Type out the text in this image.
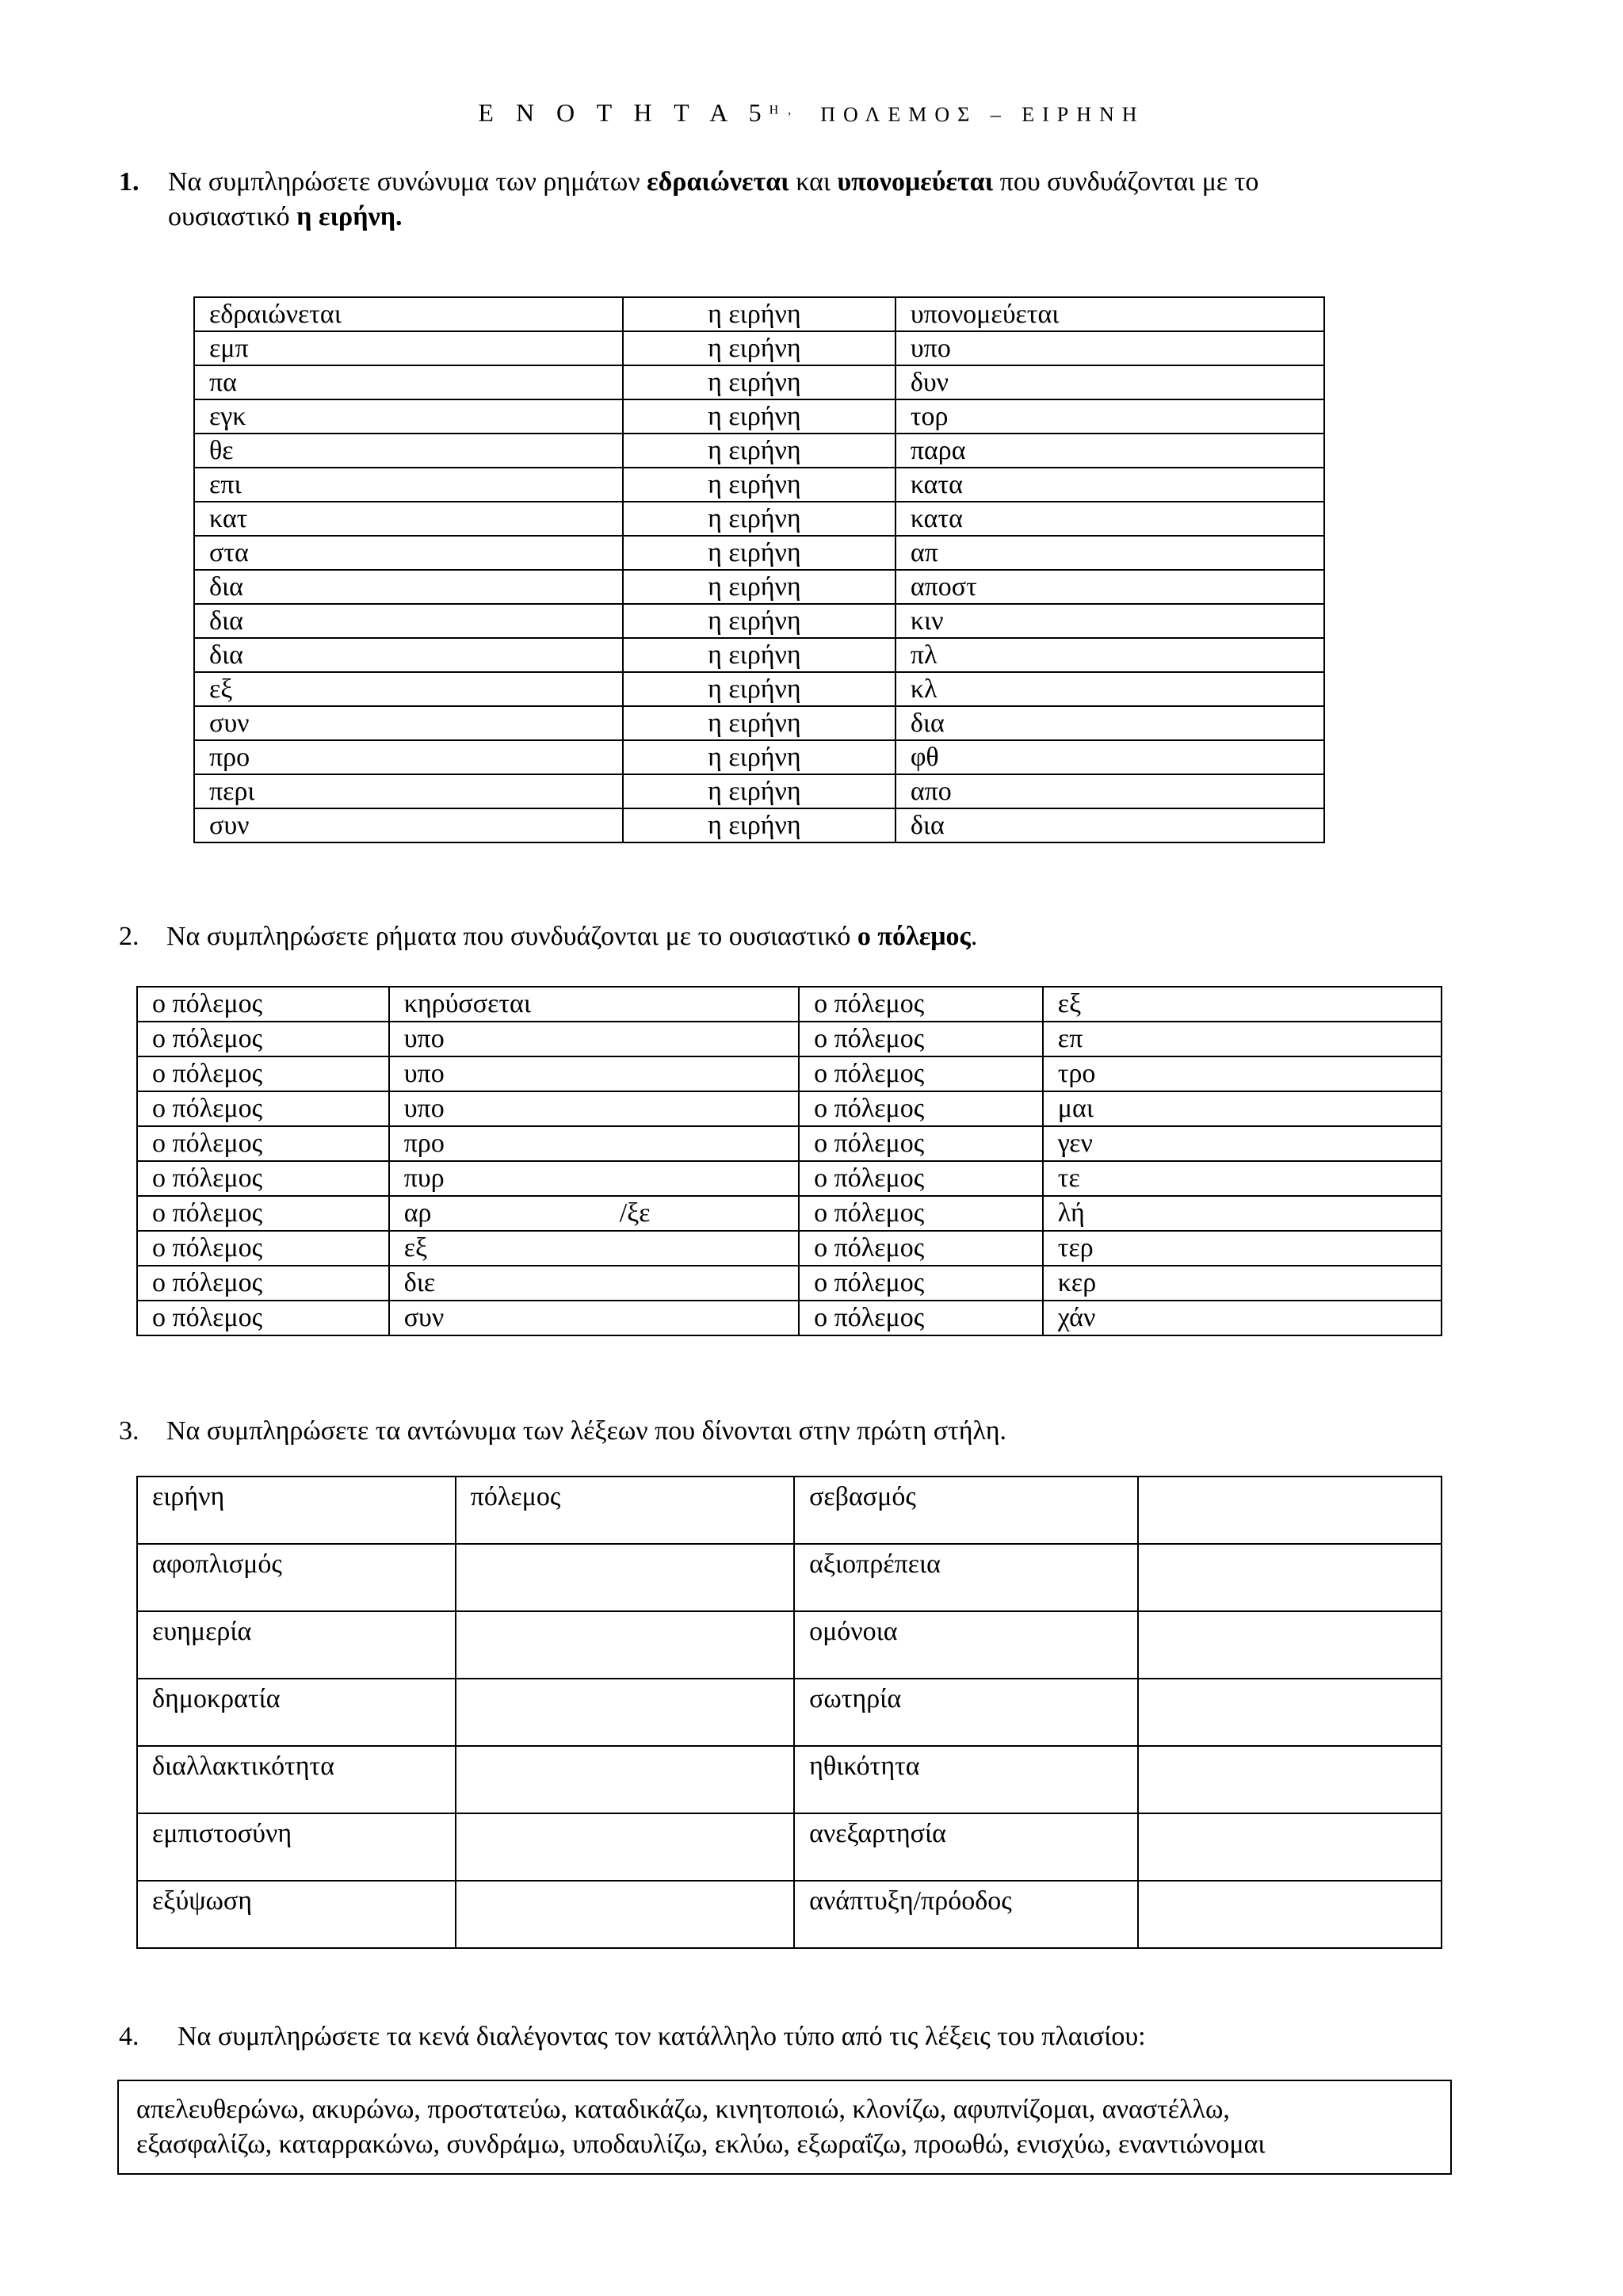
Ε Ν Ο Τ Η Τ Α $5^{H ,}$ ΠΟΛΕΜΟΣ – ΕΙΡΗΝΗ
1. Να συμπληρώσετε συνώνυμα των ρημάτων εδραιώνεται και υπονομεύεται που συνδυάζονται με το
ουσιαστικό η ειρήνη.
εδραιώνεται	η ειρήνη	υπονομεύεται
εμπ	η ειρήνη	υπο
πα	η ειρήνη	δυν
εγκ	η ειρήνη	τορ
θε	η ειρήνη	παρα
επι	η ειρήνη	κατα
κατ	η ειρήνη	κατα
στα	η ειρήνη	απ
δια	η ειρήνη	αποστ
δια	η ειρήνη	κιν
δια	η ειρήνη	πλ
εξ	η ειρήνη	κλ
συν	η ειρήνη	δια
προ	η ειρήνη	φθ
περι	η ειρήνη	απο
συν	η ειρήνη	δια
2. Να συμπληρώσετε ρήματα που συνδυάζονται με το ουσιαστικό ο πόλεμος.
ο πόλεμος	κηρύσσεται	ο πόλεμος	εξ
ο πόλεμος	υπο	ο πόλεμος	επ
ο πόλεμος	υπο	ο πόλεμος	τρο
ο πόλεμος	υπο	ο πόλεμος	μαι
ο πόλεμος	προ	ο πόλεμος	γεν
ο πόλεμος	πυρ	ο πόλεμος	τε
ο πόλεμος	αρ /ξε	ο πόλεμος	λή
ο πόλεμος	εξ	ο πόλεμος	τερ
ο πόλεμος	διε	ο πόλεμος	κερ
ο πόλεμος	συν	ο πόλεμος	χάν
3. Να συμπληρώσετε τα αντώνυμα των λέξεων που δίνονται στην πρώτη στήλη.
ειρήνη	πόλεμος	σεβασμός	
αφοπλισμός		αξιοπρέπεια	
ευημερία		ομόνοια	
δημοκρατία		σωτηρία	
διαλλακτικότητα		ηθικότητα	
εμπιστοσύνη		ανεξαρτησία	
εξύψωση		ανάπτυξη/πρόοδος	
4. Να συμπληρώσετε τα κενά διαλέγοντας τον κατάλληλο τύπο από τις λέξεις του πλαισίου:
απελευθερώνω, ακυρώνω, προστατεύω, καταδικάζω, κινητοποιώ, κλονίζω, αφυπνίζομαι, αναστέλλω,
εξασφαλίζω, καταρρακώνω, συνδράμω, υποδαυλίζω, εκλύω, εξωραΐζω, προωθώ, ενισχύω, εναντιώνομαι
